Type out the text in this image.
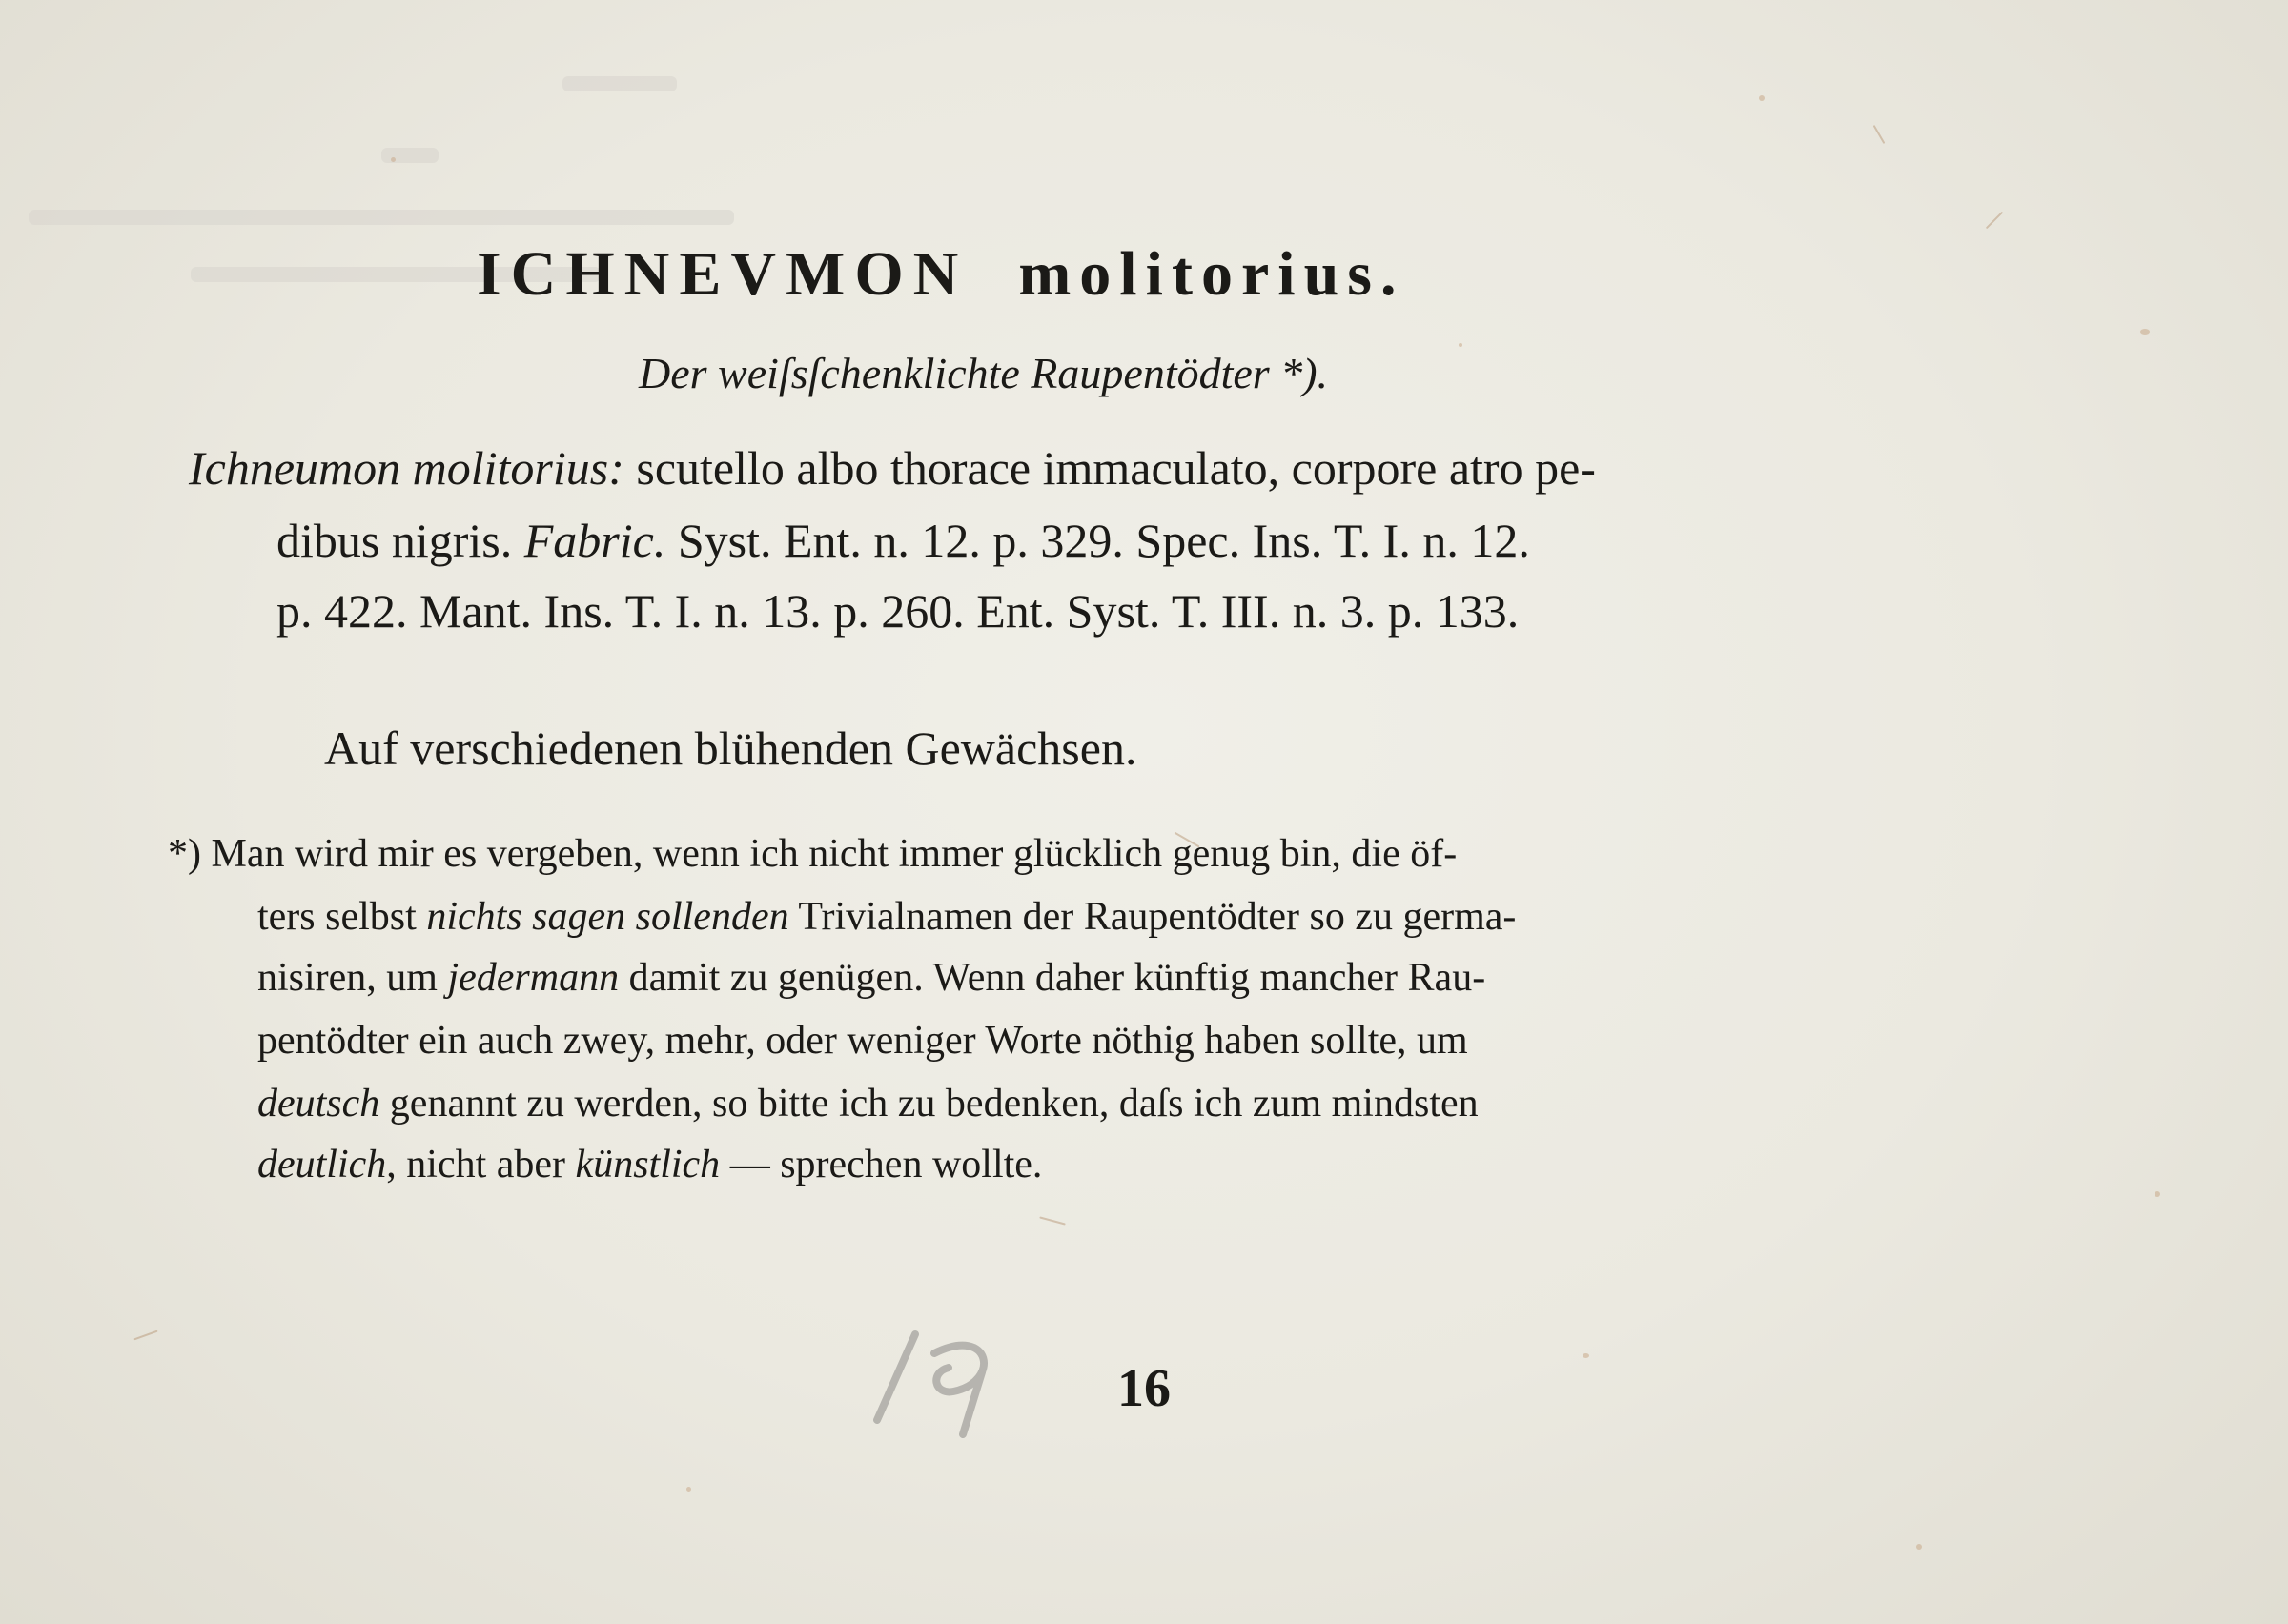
ICHNEVMON molitorius.
Der weiſsſchenklichte Raupentödter *).
Ichneumon molitorius: scutello albo thorace immaculato, corpore atro pe-
dibus nigris. Fabric. Syst. Ent. n. 12. p. 329. Spec. Ins. T. I. n. 12.
p. 422. Mant. Ins. T. I. n. 13. p. 260. Ent. Syst. T. III. n. 3. p. 133.
Auf verschiedenen blühenden Gewächsen.
*) Man wird mir es vergeben, wenn ich nicht immer glücklich genug bin, die öf-
ters selbst nichts sagen sollenden Trivialnamen der Raupentödter so zu germa-
nisiren, um jedermann damit zu genügen. Wenn daher künftig mancher Rau-
pentödter ein auch zwey, mehr, oder weniger Worte nöthig haben sollte, um
deutsch genannt zu werden, so bitte ich zu bedenken, daſs ich zum mindsten
deutlich, nicht aber künstlich — sprechen wollte.
16
